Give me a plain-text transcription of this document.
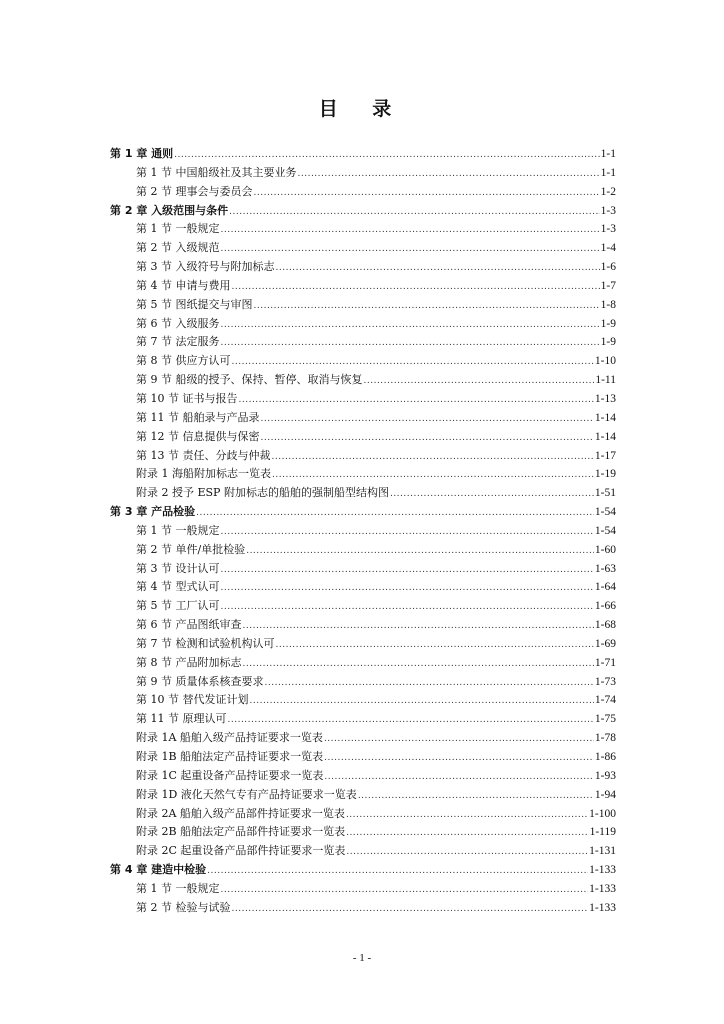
目 录
第 1 章 通则 .....	1-1
第 1 节 中国船级社及其主要业务 .....	1-1
第 2 节 理事会与委员会 .....	1-2
第 2 章 入级范围与条件 .....	1-3
第 1 节 一般规定 .....	1-3
第 2 节 入级规范 .....	1-4
第 3 节 入级符号与附加标志 .....	1-6
第 4 节 申请与费用 .....	1-7
第 5 节 图纸提交与审图 .....	1-8
第 6 节 入级服务 .....	1-9
第 7 节 法定服务 .....	1-9
第 8 节 供应方认可 .....	1-10
第 9 节 船级的授予、保持、暂停、取消与恢复 .....	1-11
第 10 节 证书与报告 .....	1-13
第 11 节 船舶录与产品录 .....	1-14
第 12 节 信息提供与保密 .....	1-14
第 13 节 责任、分歧与仲裁 .....	1-17
附录 1 海船附加标志一览表 .....	1-19
附录 2 授予 ESP 附加标志的船舶的强制船型结构图 .....	1-51
第 3 章 产品检验 .....	1-54
第 1 节 一般规定 .....	1-54
第 2 节 单件/单批检验 .....	1-60
第 3 节 设计认可 .....	1-63
第 4 节 型式认可 .....	1-64
第 5 节 工厂认可 .....	1-66
第 6 节 产品图纸审查 .....	1-68
第 7 节 检测和试验机构认可 .....	1-69
第 8 节 产品附加标志 .....	1-71
第 9 节 质量体系核查要求 .....	1-73
第 10 节 替代发证计划 .....	1-74
第 11 节 原理认可 .....	1-75
附录 1A 船舶入级产品持证要求一览表 .....	1-78
附录 1B 船舶法定产品持证要求一览表 .....	1-86
附录 1C 起重设备产品持证要求一览表 .....	1-93
附录 1D 液化天然气专有产品持证要求一览表 .....	1-94
附录 2A 船舶入级产品部件持证要求一览表 .....	1-100
附录 2B 船舶法定产品部件持证要求一览表 .....	1-119
附录 2C 起重设备产品部件持证要求一览表 .....	1-131
第 4 章 建造中检验 .....	1-133
第 1 节 一般规定 .....	1-133
第 2 节 检验与试验 .....	1-133
- 1 -
